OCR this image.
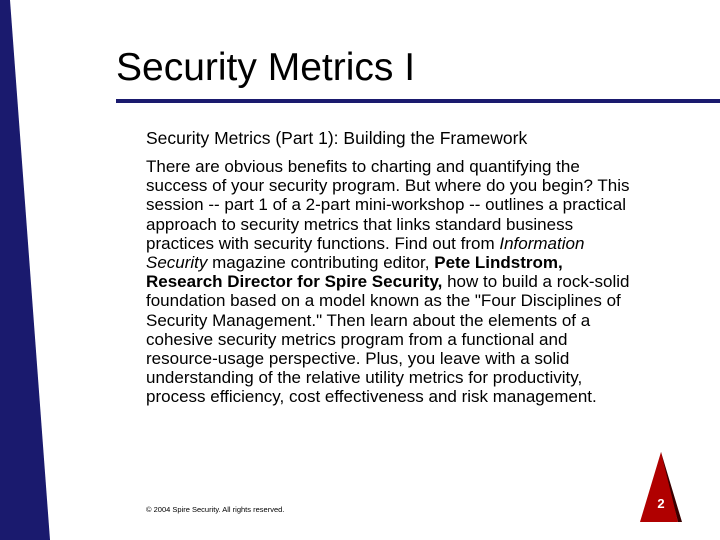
Security Metrics I

Security Metrics (Part 1): Building the Framework

There are obvious benefits to charting and quantifying the success of your security program. But where do you begin? This session -- part 1 of a 2-part mini-workshop -- outlines a practical approach to security metrics that links standard business practices with security functions. Find out from Information Security magazine contributing editor, Pete Lindstrom, Research Director for Spire Security, how to build a rock-solid foundation based on a model known as the "Four Disciplines of Security Management." Then learn about the elements of a cohesive security metrics program from a functional and resource-usage perspective. Plus, you leave with a solid understanding of the relative utility metrics for productivity, process efficiency, cost effectiveness and risk management.

© 2004 Spire Security. All rights reserved.	2
